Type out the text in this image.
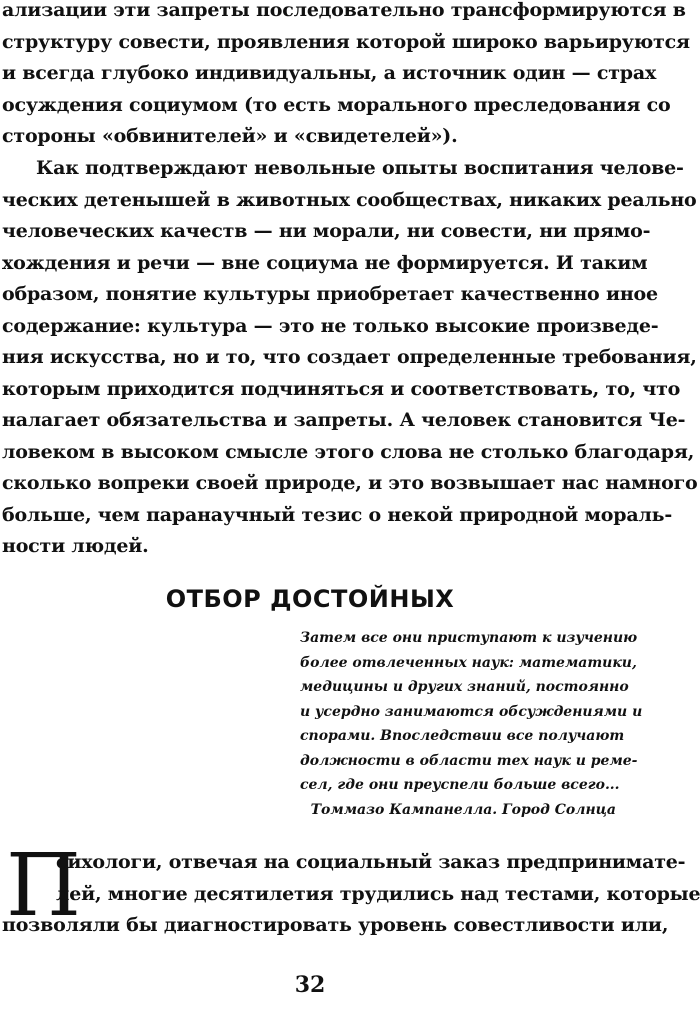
ализации эти запреты последовательно трансформируются в
структуру совести, проявления которой широко варьируются
и всегда глубоко индивидуальны, а источник один — страх
осуждения социумом (то есть морального преследования со
стороны «обвинителей» и «свидетелей»).
Как подтверждают невольные опыты воспитания челове-
ческих детенышей в животных сообществах, никаких реально
человеческих качеств — ни морали, ни совести, ни прямо-
хождения и речи — вне социума не формируется. И таким
образом, понятие культуры приобретает качественно иное
содержание: культура — это не только высокие произведе-
ния искусства, но и то, что создает определенные требования,
которым приходится подчиняться и соответствовать, то, что
налагает обязательства и запреты. А человек становится Че-
ловеком в высоком смысле этого слова не столько благодаря,
сколько вопреки своей природе, и это возвышает нас намного
больше, чем паранаучный тезис о некой природной мораль-
ности людей.
ОТБОР ДОСТОЙНЫХ
Затем все они приступают к изучению
более отвлеченных наук: математики,
медицины и других знаний, постоянно
и усердно занимаются обсуждениями и
спорами. Впоследствии все получают
должности в области тех наук и реме-
сел, где они преуспели больше всего...
Томмазо Кампанелла. Город Солнца
П
сихологи, отвечая на социальный заказ предпринимате-
лей, многие десятилетия трудились над тестами, которые
позволяли бы диагностировать уровень совестливости или,
32
